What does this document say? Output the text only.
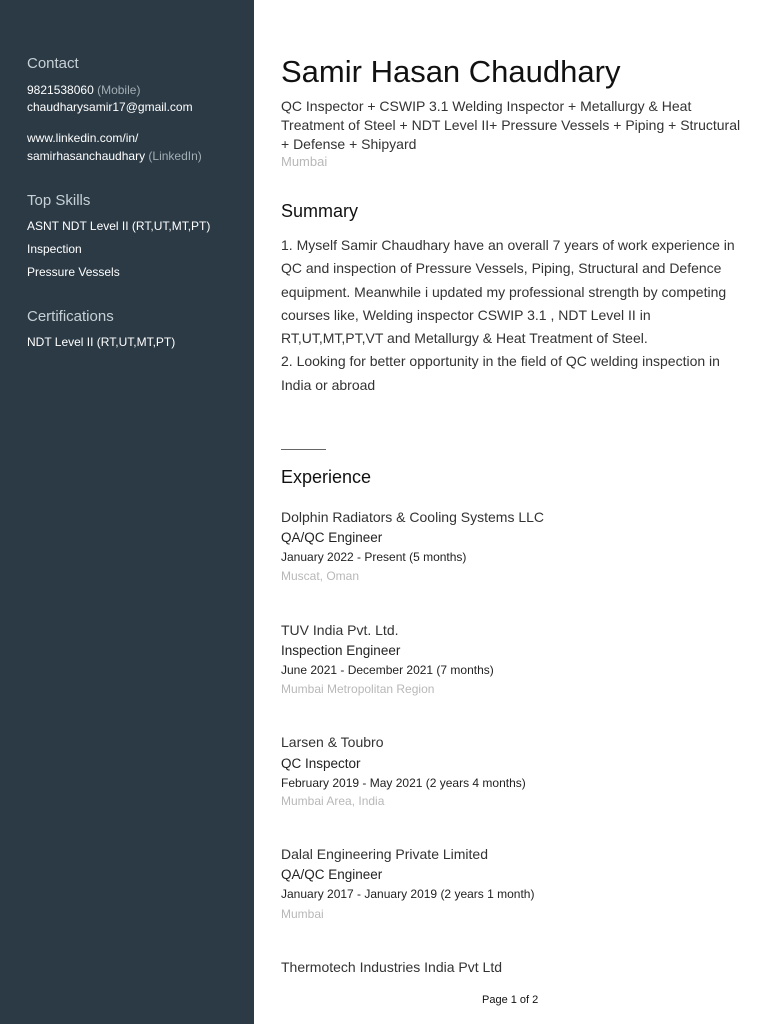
Contact
9821538060 (Mobile)
chaudharysamir17@gmail.com
www.linkedin.com/in/
samirhasanchaudhary (LinkedIn)
Top Skills
ASNT NDT Level II (RT,UT,MT,PT)
Inspection
Pressure Vessels
Certifications
NDT Level II (RT,UT,MT,PT)
Samir Hasan Chaudhary
QC Inspector + CSWIP 3.1 Welding Inspector + Metallurgy & Heat Treatment of Steel + NDT Level II+ Pressure Vessels + Piping + Structural + Defense + Shipyard
Mumbai
Summary
1. Myself Samir Chaudhary have an overall 7 years of work experience in QC and inspection of Pressure Vessels, Piping, Structural and Defence equipment. Meanwhile i updated my professional strength by competing courses like, Welding inspector CSWIP 3.1 , NDT Level II in RT,UT,MT,PT,VT and Metallurgy & Heat Treatment of Steel.
2. Looking for better opportunity in the field of QC welding inspection in India or abroad
Experience
Dolphin Radiators & Cooling Systems LLC
QA/QC Engineer
January 2022 - Present (5 months)
Muscat, Oman
TUV India Pvt. Ltd.
Inspection Engineer
June 2021 - December 2021 (7 months)
Mumbai Metropolitan Region
Larsen & Toubro
QC Inspector
February 2019 - May 2021 (2 years 4 months)
Mumbai Area, India
Dalal Engineering Private Limited
QA/QC Engineer
January 2017 - January 2019 (2 years 1 month)
Mumbai
Thermotech Industries India Pvt Ltd
Page 1 of 2
